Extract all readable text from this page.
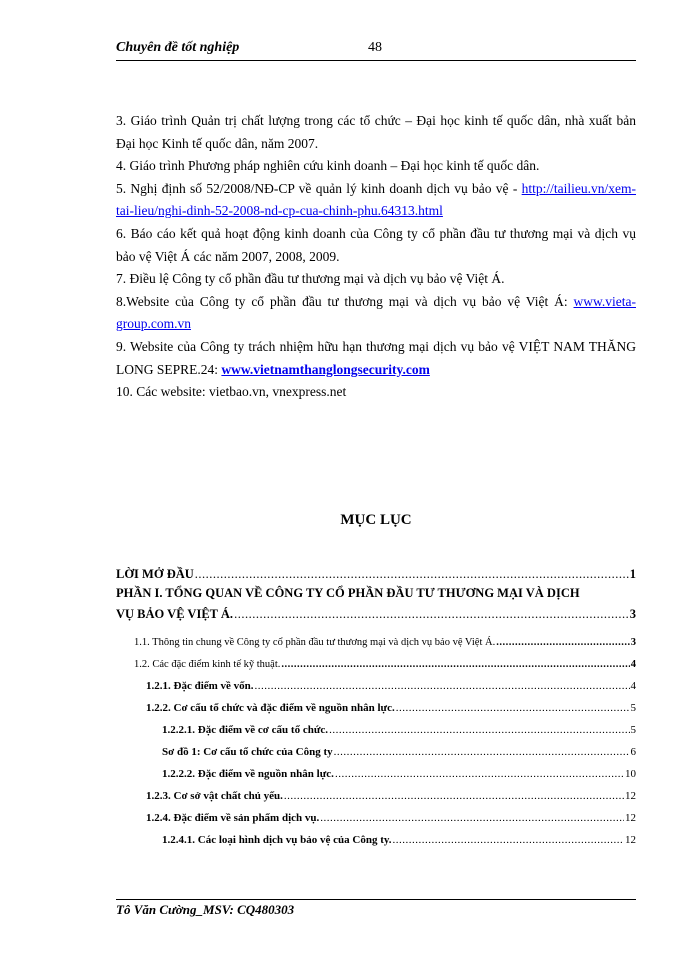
Chuyên đề tốt nghiệp	48

3. Giáo trình Quản trị chất lượng trong các tổ chức – Đại học kinh tế quốc dân, nhà xuất bản Đại học Kinh tế quốc dân, năm 2007.

4. Giáo trình Phương pháp nghiên cứu kinh doanh – Đại học kinh tế quốc dân.

5. Nghị định số 52/2008/NĐ-CP về quản lý kinh doanh dịch vụ bảo vệ - http://tailieu.vn/xem-tai-lieu/nghi-dinh-52-2008-nd-cp-cua-chinh-phu.64313.html

6. Báo cáo kết quả hoạt động kinh doanh của Công ty cổ phần đầu tư thương mại và dịch vụ bảo vệ Việt Á các năm 2007, 2008, 2009.

7. Điều lệ Công ty cổ phần đầu tư thương mại và dịch vụ bảo vệ Việt Á.

8.Website của Công ty cổ phần đầu tư thương mại và dịch vụ bảo vệ Việt Á: www.vieta-group.com.vn

9. Website của Công ty trách nhiệm hữu hạn thương mại dịch vụ bảo vệ VIỆT NAM THĂNG LONG SEPRE.24: www.vietnamthanglongsecurity.com

10. Các website: vietbao.vn, vnexpress.net

MỤC LỤC
LỜI MỞ ĐẦU .....	1
PHẦN I. TỔNG QUAN VỀ CÔNG TY CỔ PHẦN ĐẦU TƯ THƯƠNG MẠI VÀ DỊCH
VỤ BẢO VỆ VIỆT Á. .....	3
1.1. Thông tin chung về Công ty cổ phần đầu tư thương mại và dịch vụ bảo vệ Việt Á. .....	3
1.2. Các đặc điểm kinh tế kỹ thuật. .....	4
1.2.1. Đặc điểm về vốn. .....	4
1.2.2. Cơ cấu tổ chức và đặc điểm về nguồn nhân lực. .....	5
1.2.2.1. Đặc điểm về cơ cấu tổ chức. .....	5
Sơ đồ 1: Cơ cấu tổ chức của Công ty .....	6
1.2.2.2. Đặc điểm về nguồn nhân lực. .....	10
1.2.3. Cơ sở vật chất chủ yếu. .....	12
1.2.4. Đặc điểm về sản phẩm dịch vụ. .....	12
1.2.4.1. Các loại hình dịch vụ bảo vệ của Công ty. .....	12
Tô Văn Cường_MSV: CQ480303
